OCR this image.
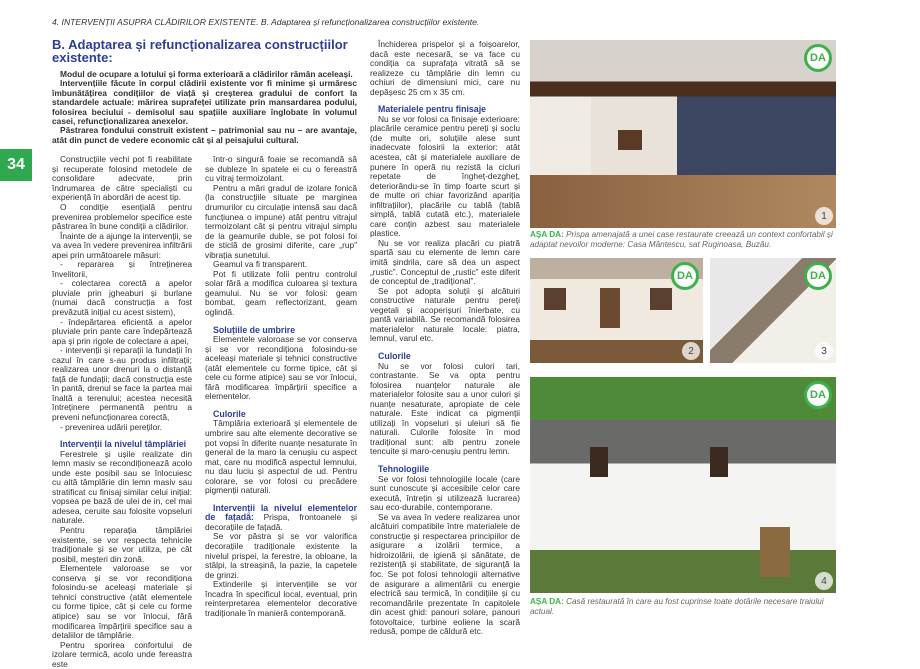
4. INTERVENȚII ASUPRA CLĂDIRILOR EXISTENTE. B. Adaptarea și refuncționalizarea construcțiilor existente.
34
B. Adaptarea și refuncționalizarea construcțiilor existente:

Modul de ocupare a lotului și forma exterioară a clădirilor rămân aceleași.

Intervențiile făcute în corpul clădirii existente vor fi minime și urmăresc îmbunătățirea condițiilor de viață și creșterea gradului de confort la standardele actuale: mărirea suprafeței utilizate prin mansardarea podului, folosirea beciului - demisolul sau spațiile auxiliare înglobate în volumul casei, refuncționalizarea anexelor.

Păstrarea fondului construit existent – patrimonial sau nu – are avantaje, atât din punct de vedere economic cât și al peisajului cultural.

Construcțiile vechi pot fi reabilitate și recuperate folosind metodele de consolidare adecvate, prin îndrumarea de către specialiști cu experiență în abordări de acest tip.

O condiție esențială pentru prevenirea problemelor specifice este păstrarea în bune condiții a clădirilor.

Înainte de a ajunge la intervenții, se va avea în vedere prevenirea infiltrării apei prin următoarele măsuri:

- repararea și întreținerea învelitorii,

- colectarea corectă a apelor pluviale prin jgheaburi și burlane (numai dacă construcția a fost prevăzută inițial cu acest sistem),

- îndepărtarea eficientă a apelor pluviale prin pante care îndepărtează apa și prin rigole de colectare a apei,

- intervenții și reparații la fundații în cazul în care s-au produs infiltrații; realizarea unor drenuri la o distanță față de fundații; dacă construcția este în pantă, drenul se face la partea mai înaltă a terenului; acestea necesită întreținere permanentă pentru a preveni nefuncționarea corectă,

- prevenirea udării pereților.

Intervenții la nivelul tâmplăriei

Ferestrele și ușile realizate din lemn masiv se recondiționează acolo unde este posibil sau se înlocuiesc cu altă tâmplărie din lemn masiv sau stratificat cu finisaj similar celui inițial: vopsea pe bază de ulei de in, cel mai adesea, ceruite sau folosite vopseluri naturale.

Pentru reparația tâmplăriei existente, se vor respecta tehnicile tradiționale și se vor utiliza, pe cât posibil, meșteri din zonă.

Elementele valoroase se vor conserva și se vor recondiționa folosindu-se aceleași materiale și tehnici constructive (atât elementele cu forme tipice, cât și cele cu forme atipice) sau se vor înlocui, fără modificarea împărțirii specifice sau a detaliilor de tâmplărie.

Pentru sporirea confortului de izolare termică, acolo unde fereastra este

într-o singură foaie se recomandă să se dubleze în spatele ei cu o fereastră cu vitraj termoizolant.

Pentru a mări gradul de izolare fonică (la construcțiile situate pe marginea drumurilor cu circulație intensă sau dacă funcțiunea o impune) atât pentru vitrajul termoizolant cât și pentru vitrajul simplu de la geamurile duble, se pot folosi foi de sticlă de grosimi diferite, care „rup” vibrația sunetului.

Geamul va fi transparent.

Pot fi utilizate folii pentru controlul solar fără a modifica culoarea și textura geamului. Nu se vor folosi: geam bombat, geam reflectorizant, geam oglindă.

Soluțiile de umbrire

Elementele valoroase se vor conserva și se vor recondiționa folosindu-se aceleași materiale și tehnici constructive (atât elementele cu forme tipice, cât și cele cu forme atipice) sau se vor înlocui, fără modificarea împărțirii specifice a elementelor.

Culorile

Tâmplăria exterioară și elementele de umbrire sau alte elemente decorative se pot vopsi în diferite nuanțe nesaturate în general de la maro la cenușiu cu aspect mat, care nu modifică aspectul lemnului, nu dau luciu și aspectul de ud. Pentru colorare, se vor folosi cu precădere pigmenții naturali.

Intervenții la nivelul elementelor de fațadă: Prispa, frontoanele și decorațiile de fațadă.

Se vor păstra și se vor valorifica decorațiile tradiționale existente la nivelul prispei, la ferestre, la obloane, la stâlpi, la streașină, la pazie, la capetele de grinzi.

Extinderile și intervențiile se vor încadra în specificul local, eventual, prin reinterpretarea elementelor decorative tradiționale în manieră contemporană.

Închiderea prispelor și a foișoarelor, dacă este necesară, se va face cu condiția ca suprafața vitrată să se realizeze cu tâmplărie din lemn cu ochiuri de dimensiuni mici, care nu depășesc 25 cm x 35 cm.

Materialele pentru finisaje

Nu se vor folosi ca finisaje exterioare: placările ceramice pentru pereți și soclu (de multe ori, soluțiile alese sunt inadecvate folosirii la exterior: atât acestea, cât și materialele auxiliare de punere în operă nu rezistă la cicluri repetate de îngheț-dezgheț, deteriorându-se în timp foarte scurt și de multe ori chiar favorizând apariția infiltrațiilor), placările cu tablă (tablă simplă, tablă cutată etc.), materialele care conțin azbest sau materialele plastice.

Nu se vor realiza placări cu piatră spartă sau cu elemente de lemn care imită șindrila, care să dea un aspect „rustic”. Conceptul de „rustic” este diferit de conceptul de „tradițional”.

Se pot adopta soluții și alcătuiri constructive naturale pentru pereți vegetali și acoperișuri înierbate, cu pantă variabilă. Se recomandă folosirea materialelor naturale locale: piatra, lemnul, varul etc.

Culorile

Nu se vor folosi culori tari, contrastante. Se va opta pentru folosirea nuanțelor naturale ale materialelor folosite sau a unor culori și nuanțe nesaturate, apropiate de cele naturale. Este indicat ca pigmenții utilizați în vopseluri și uleiuri să fie naturali. Culorile folosite în mod tradițional sunt: alb pentru zonele tencuite și maro-cenușiu pentru lemn.

Tehnologiile

Se vor folosi tehnologiile locale (care sunt cunoscute și accesibile celor care execută, întrețin și utilizează lucrarea) sau eco-durabile, contemporane.

Se va avea în vedere realizarea unor alcătuiri compatibile între materialele de construcție și respectarea principiilor de asigurare a izolării termice, a hidroizolării, de igienă și sănătate, de rezistență și stabilitate, de siguranță la foc. Se pot folosi tehnologii alternative de asigurare a alimentării cu energie electrică sau termică, în condițiile și cu recomandările prezentate în capitolele din acest ghid: panouri solare, panouri fotovoltaice, turbine eoliene la scară redusă, pompe de căldură etc.

DA
1
AȘA DA: Prispa amenajată a unei case restaurate creează un context confortabil și adaptat nevoilor moderne: Casa Mântescu, sat Ruginoasa, Buzău.
DA
2
DA
3
DA
4
AȘA DA: Casă restaurată în care au fost cuprinse toate dotările necesare traiului actual.
